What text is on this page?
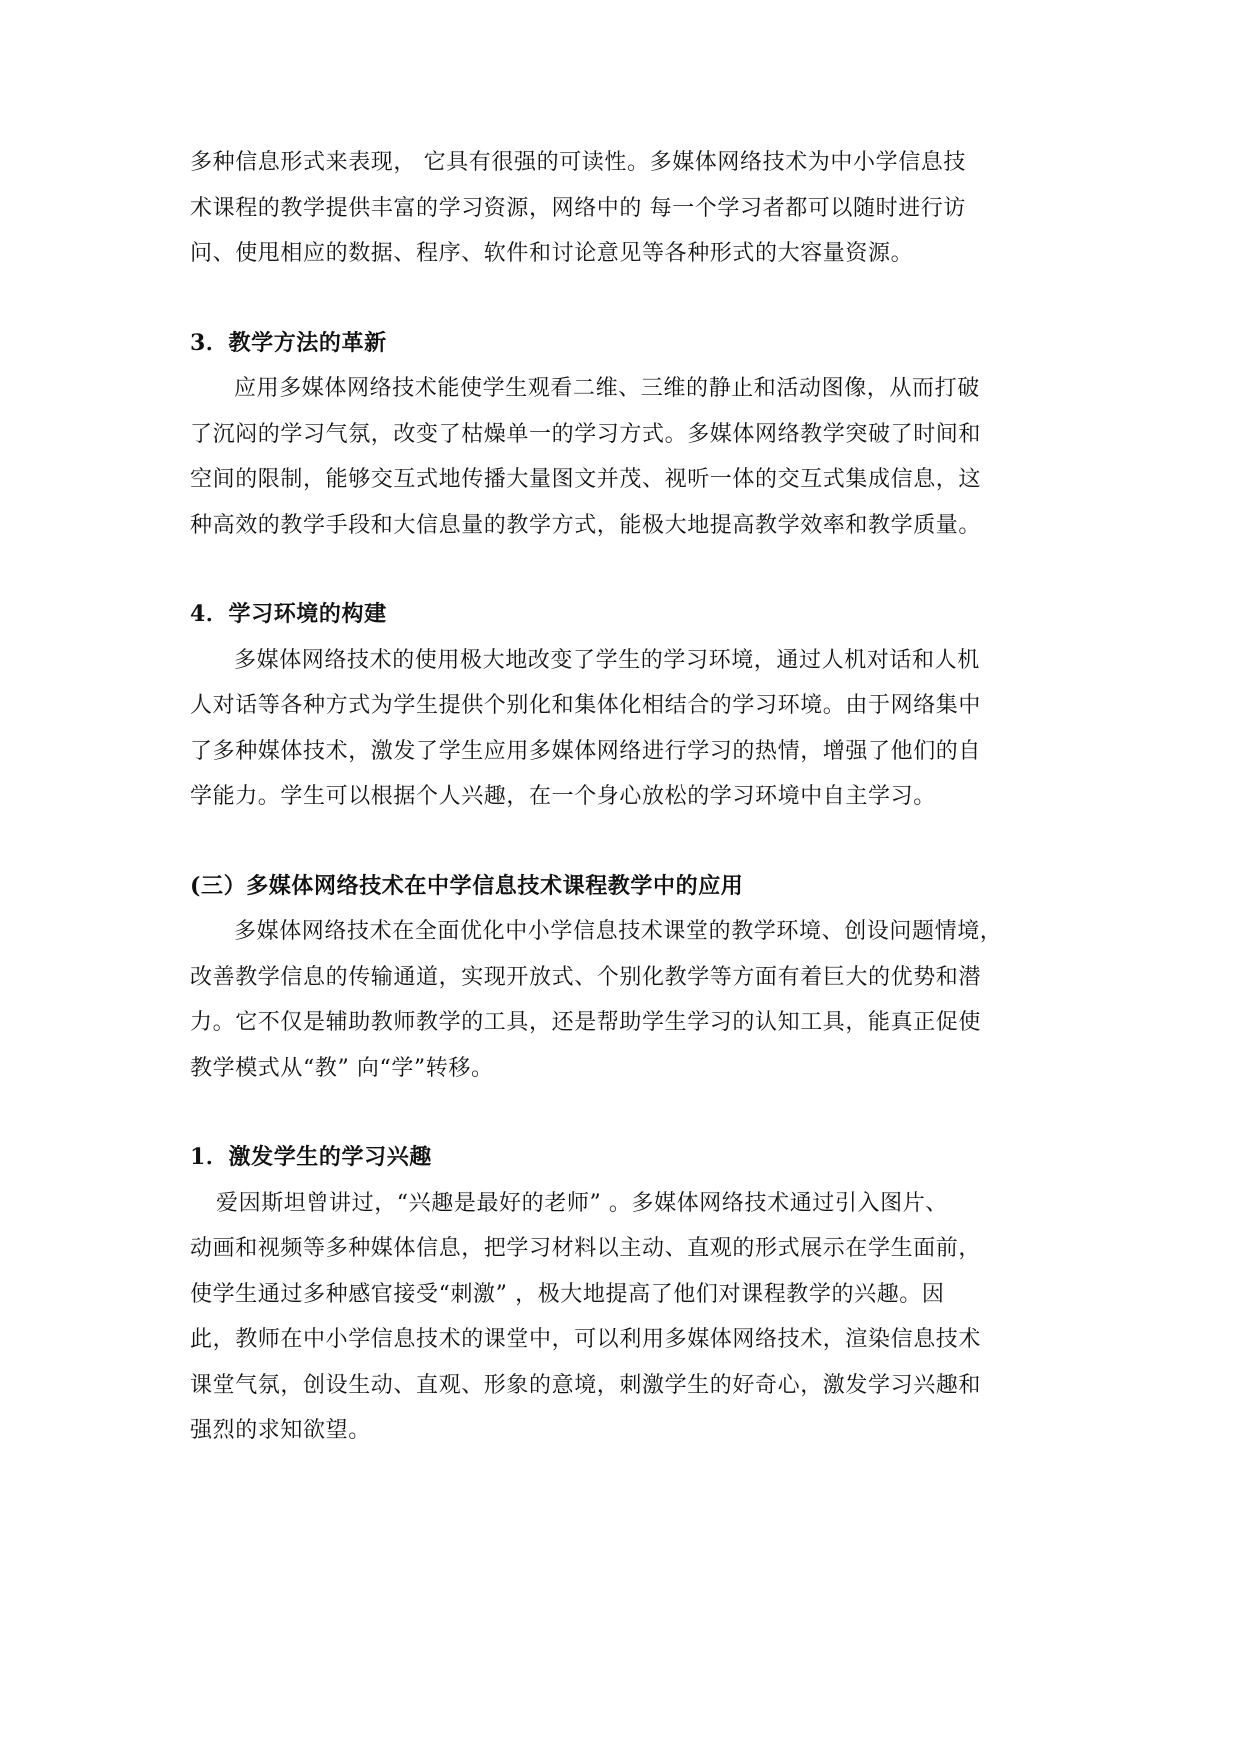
多种信息形式来表现， 它具有很强的可读性。多媒体网络技术为中小学信息技
术课程的教学提供丰富的学习资源，网络中的 每一个学习者都可以随时进行访
问、使甩相应的数据、程序、软件和讨论意见等各种形式的大容量资源。

3．教学方法的革新

应用多媒体网络技术能使学生观看二维、三维的静止和活动图像，从而打破
了沉闷的学习气氛，改变了枯燥单一的学习方式。多媒体网络教学突破了时间和
空间的限制，能够交互式地传播大量图文并茂、视听一体的交互式集成信息，这
种高效的教学手段和大信息量的教学方式，能极大地提高教学效率和教学质量。

4．学习环境的构建

多媒体网络技术的使用极大地改变了学生的学习环境，通过人机对话和人机
人对话等各种方式为学生提供个别化和集体化相结合的学习环境。由于网络集中
了多种媒体技术，激发了学生应用多媒体网络进行学习的热情，增强了他们的自
学能力。学生可以根据个人兴趣，在一个身心放松的学习环境中自主学习。

(三）多媒体网络技术在中学信息技术课程教学中的应用

多媒体网络技术在全面优化中小学信息技术课堂的教学环境、创设问题情境，
改善教学信息的传输通道，实现开放式、个别化教学等方面有着巨大的优势和潜
力。它不仅是辅助教师教学的工具，还是帮助学生学习的认知工具，能真正促使
教学模式从“教” 向“学”转移。

1．激发学生的学习兴趣

爱因斯坦曾讲过，“兴趣是最好的老师” 。多媒体网络技术通过引入图片、
动画和视频等多种媒体信息，把学习材料以主动、直观的形式展示在学生面前，
使学生通过多种感官接受“刺激” ，极大地提高了他们对课程教学的兴趣。因
此，教师在中小学信息技术的课堂中，可以利用多媒体网络技术，渲染信息技术
课堂气氛，创设生动、直观、形象的意境，刺激学生的好奇心，激发学习兴趣和
强烈的求知欲望。
